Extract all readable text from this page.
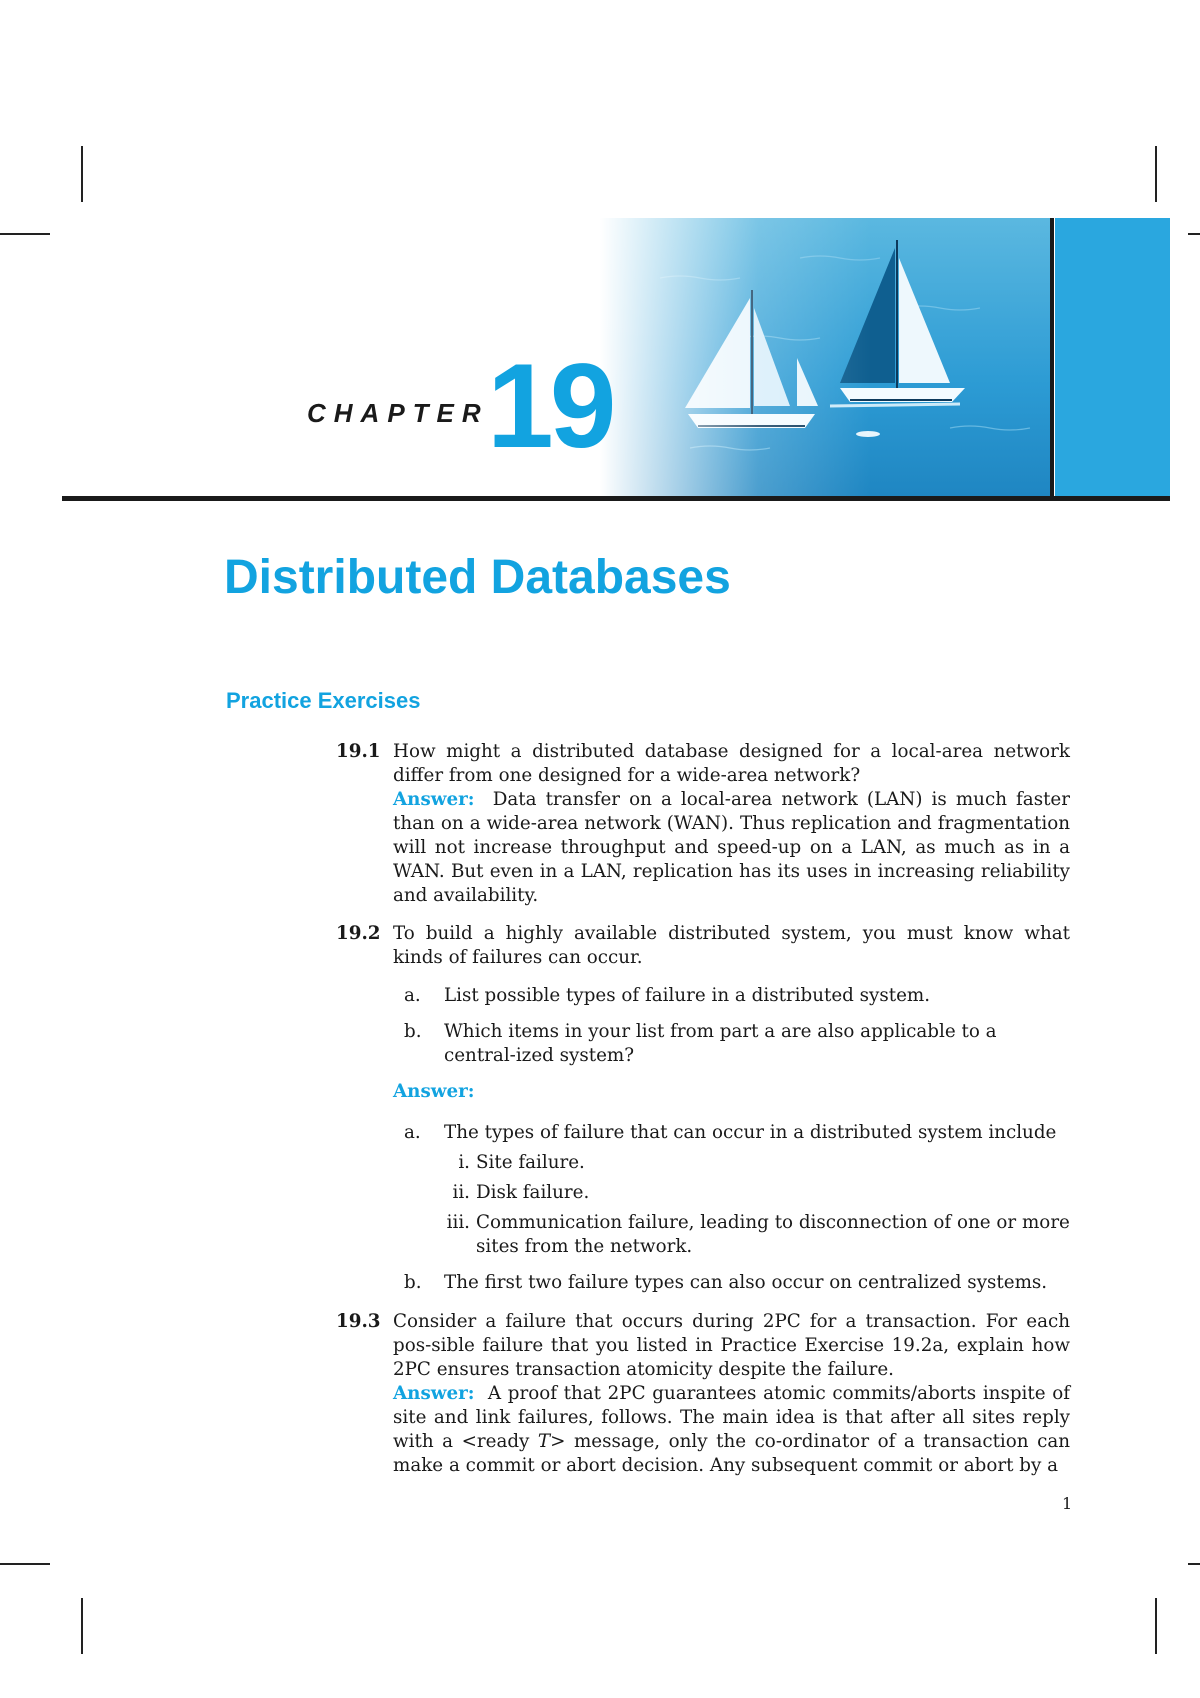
CHAPTER
19
Distributed Databases
Practice Exercises
19.1 How might a distributed database designed for a local-area network differ from one designed for a wide-area network?
Answer: Data transfer on a local-area network (LAN) is much faster than on a wide-area network (WAN). Thus replication and fragmentation will not increase throughput and speed-up on a LAN, as much as in a WAN. But even in a LAN, replication has its uses in increasing reliability and availability.
19.2 To build a highly available distributed system, you must know what kinds of failures can occur.
a. List possible types of failure in a distributed system.
b. Which items in your list from part a are also applicable to a central-ized system?
Answer:
a. The types of failure that can occur in a distributed system include
i. Site failure.
ii. Disk failure.
iii. Communication failure, leading to disconnection of one or more sites from the network.
b. The first two failure types can also occur on centralized systems.
19.3 Consider a failure that occurs during 2PC for a transaction. For each pos-sible failure that you listed in Practice Exercise 19.2a, explain how 2PC ensures transaction atomicity despite the failure.
Answer: A proof that 2PC guarantees atomic commits/aborts inspite of site and link failures, follows. The main idea is that after all sites reply with a <ready T> message, only the co-ordinator of a transaction can make a commit or abort decision. Any subsequent commit or abort by a
1
